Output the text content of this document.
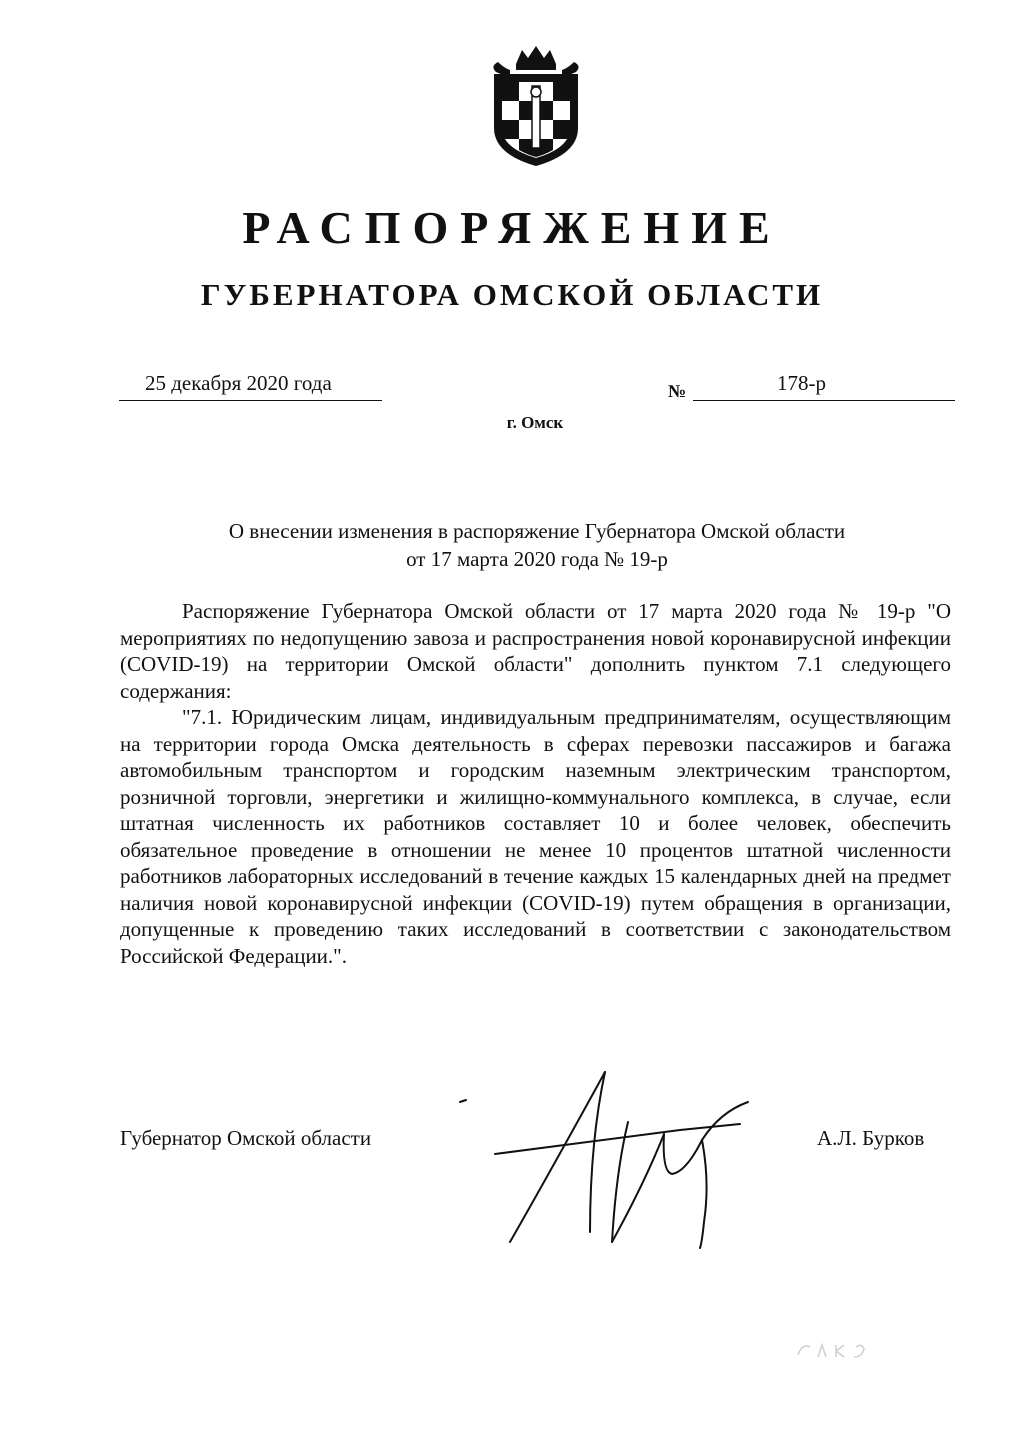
РАСПОРЯЖЕНИЕ
ГУБЕРНАТОРА ОМСКОЙ ОБЛАСТИ
25 декабря 2020 года	№	178-р
г. Омск
О внесении изменения в распоряжение Губернатора Омской области
от 17 марта 2020 года № 19-р

Распоряжение Губернатора Омской области от 17 марта 2020 года № 19-р "О мероприятиях по недопущению завоза и распространения новой коронавирусной инфекции (COVID-19) на территории Омской области" дополнить пунктом 7.1 следующего содержания:

"7.1. Юридическим лицам, индивидуальным предпринимателям, осуществляющим на территории города Омска деятельность в сферах перевозки пассажиров и багажа автомобильным транспортом и городским наземным электрическим транспортом, розничной торговли, энергетики и жилищно-коммунального комплекса, в случае, если штатная численность их работников составляет 10 и более человек, обеспечить обязательное проведение в отношении не менее 10 процентов штатной численности работников лабораторных исследований в течение каждых 15 календарных дней на предмет наличия новой коронавирусной инфекции (COVID-19) путем обращения в организации, допущенные к проведению таких исследований в соответствии с законодательством Российской Федерации.".

Губернатор Омской области	А.Л. Бурков
